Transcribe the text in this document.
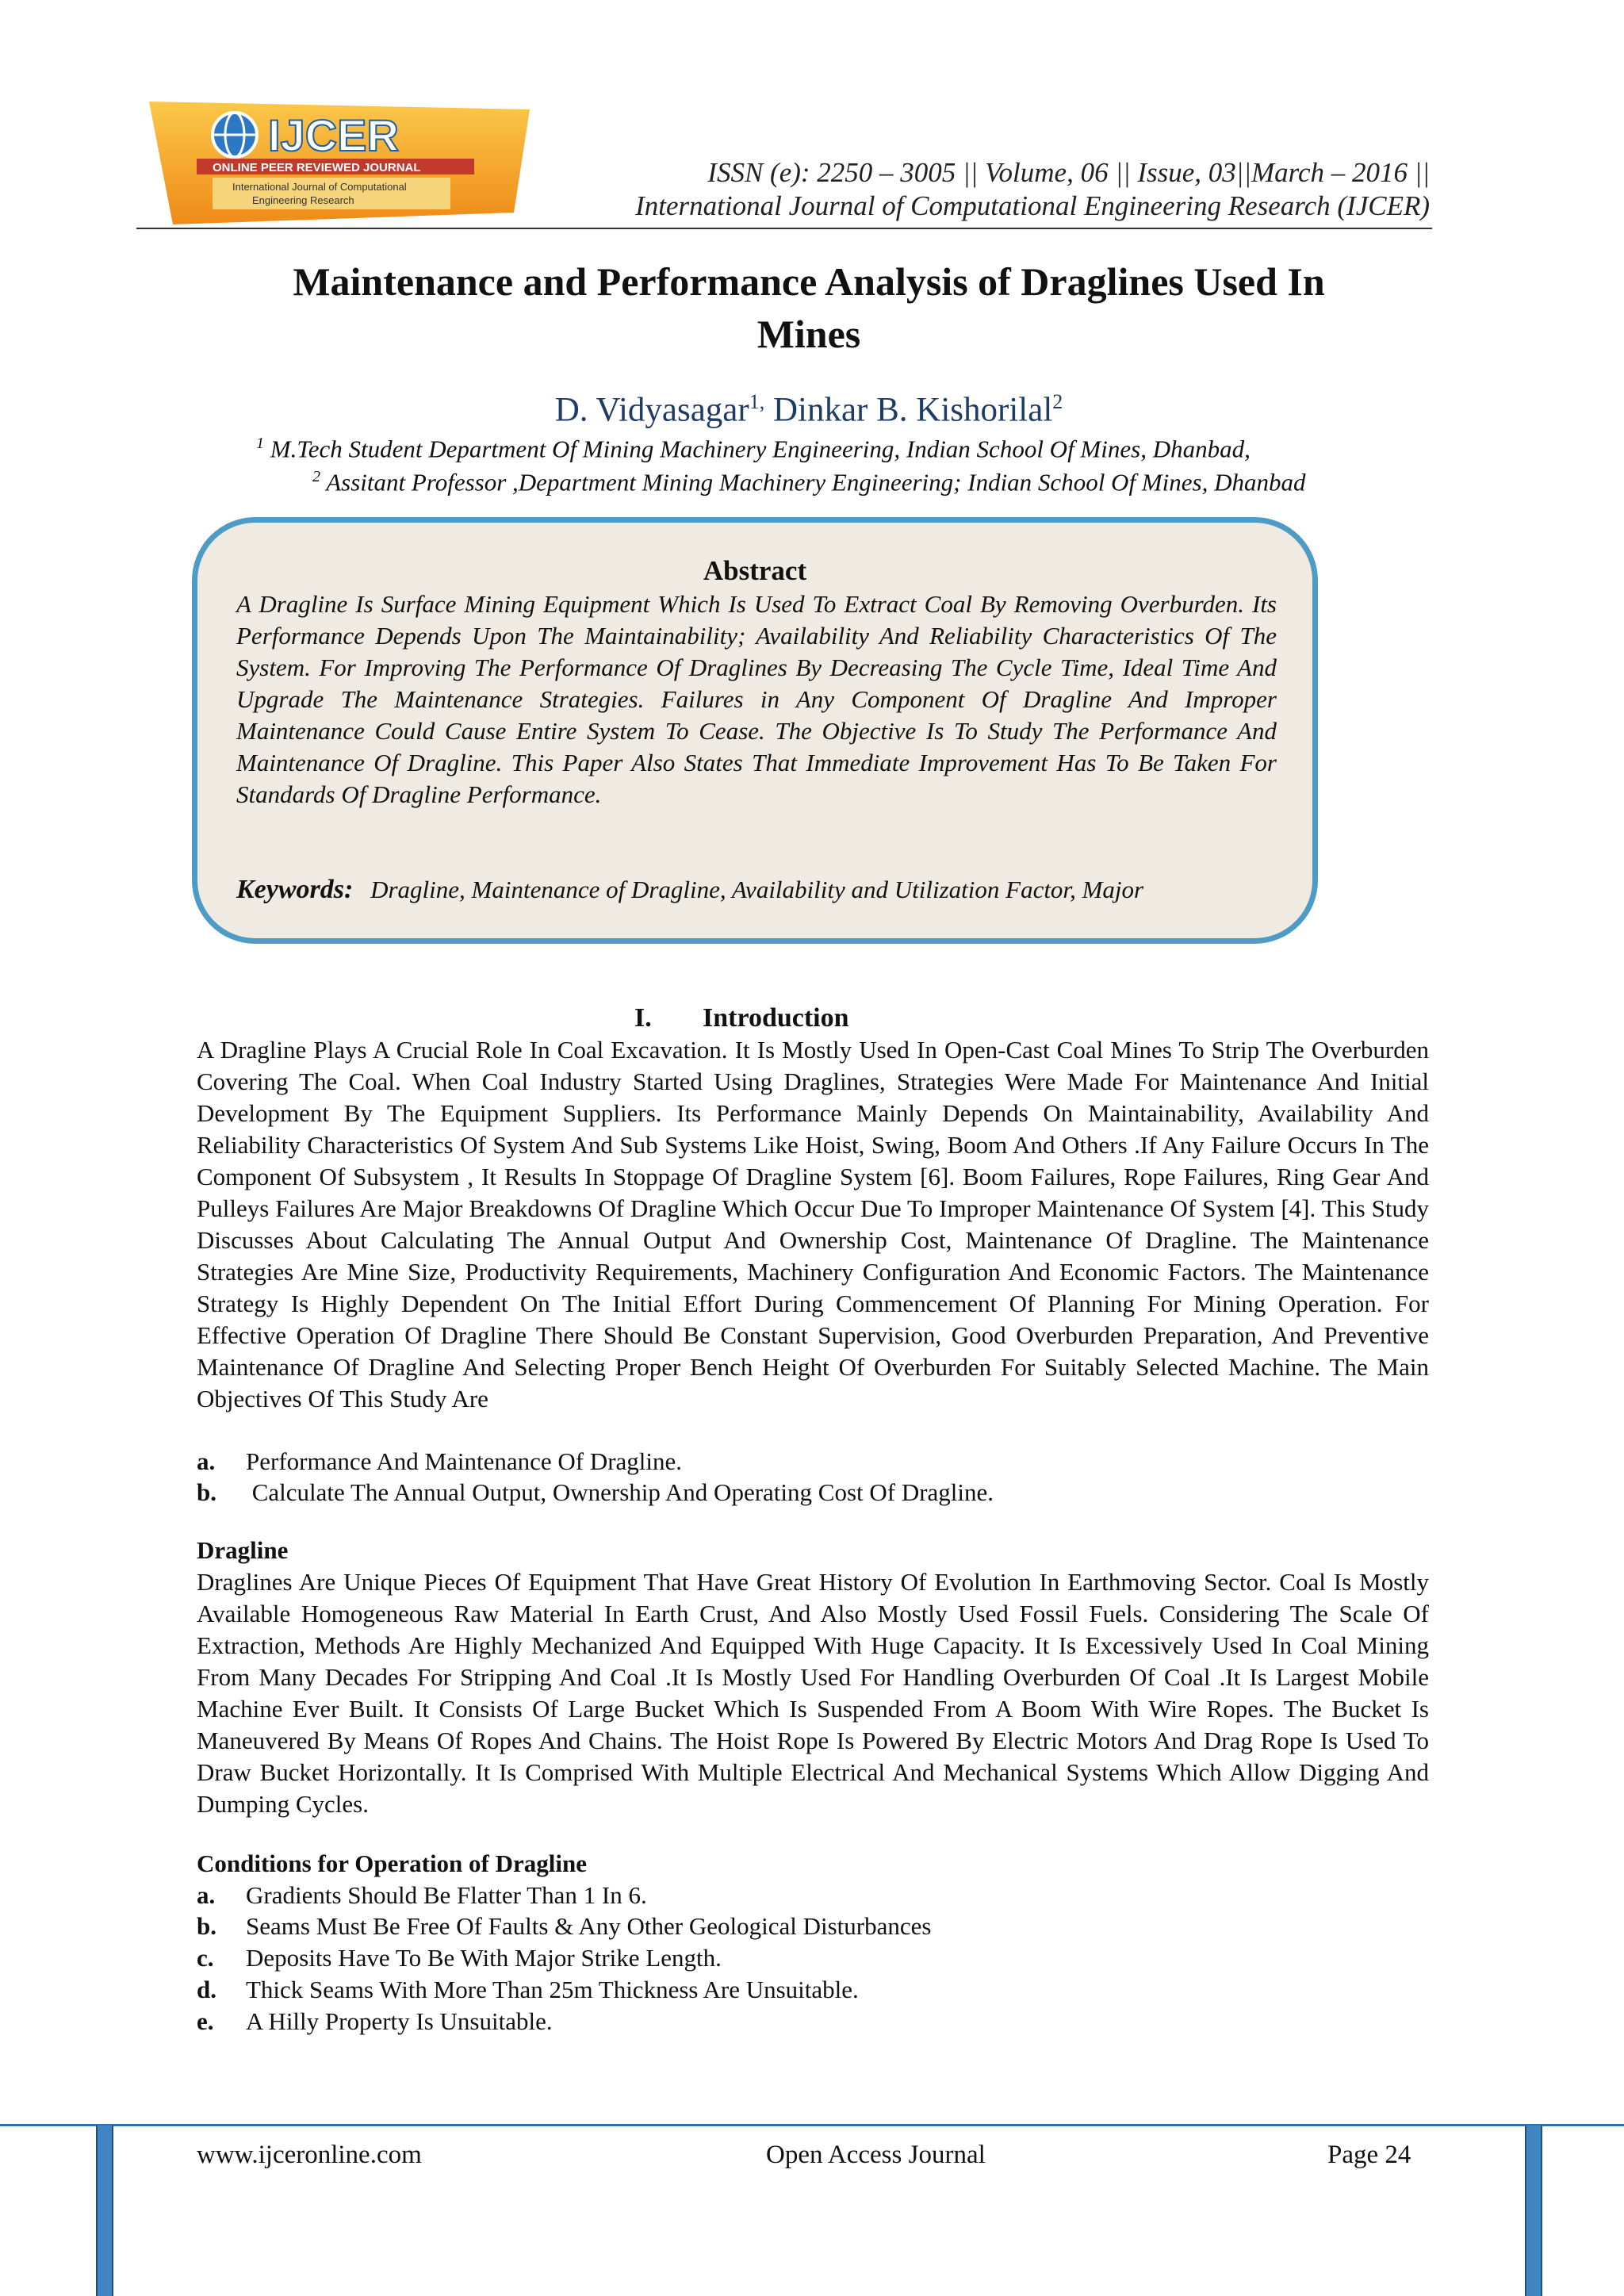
IJCER
ONLINE PEER REVIEWED JOURNAL
International Journal of Computational
Engineering Research
ISSN (e): 2250 – 3005 || Volume, 06 || Issue, 03||March – 2016 ||
International Journal of Computational Engineering Research (IJCER)
Maintenance and Performance Analysis of Draglines Used In
Mines
D. Vidyasagar$^{1,}$ Dinkar B. Kishorilal$^2$
$^1$ M.Tech Student Department Of Mining Machinery Engineering, Indian School Of Mines, Dhanbad,
$^2$ Assitant Professor ,Department Mining Machinery Engineering; Indian School Of Mines, Dhanbad
Abstract
A Dragline Is Surface Mining Equipment Which Is Used To Extract Coal By Removing Overburden. Its Performance Depends Upon The Maintainability; Availability And Reliability Characteristics Of The System. For Improving The Performance Of Draglines By Decreasing The Cycle Time, Ideal Time And Upgrade The Maintenance Strategies. Failures in Any Component Of Dragline And Improper Maintenance Could Cause Entire System To Cease. The Objective Is To Study The Performance And Maintenance Of Dragline. This Paper Also States That Immediate Improvement Has To Be Taken For Standards Of Dragline Performance.
Keywords: Dragline, Maintenance of Dragline, Availability and Utilization Factor, Major
I. Introduction
A Dragline Plays A Crucial Role In Coal Excavation. It Is Mostly Used In Open-Cast Coal Mines To Strip The Overburden Covering The Coal. When Coal Industry Started Using Draglines, Strategies Were Made For Maintenance And Initial Development By The Equipment Suppliers. Its Performance Mainly Depends On Maintainability, Availability And Reliability Characteristics Of System And Sub Systems Like Hoist, Swing, Boom And Others .If Any Failure Occurs In The Component Of Subsystem , It Results In Stoppage Of Dragline System [6]. Boom Failures, Rope Failures, Ring Gear And Pulleys Failures Are Major Breakdowns Of Dragline Which Occur Due To Improper Maintenance Of System [4]. This Study Discusses About Calculating The Annual Output And Ownership Cost, Maintenance Of Dragline. The Maintenance Strategies Are Mine Size, Productivity Requirements, Machinery Configuration And Economic Factors. The Maintenance Strategy Is Highly Dependent On The Initial Effort During Commencement Of Planning For Mining Operation. For Effective Operation Of Dragline There Should Be Constant Supervision, Good Overburden Preparation, And Preventive Maintenance Of Dragline And Selecting Proper Bench Height Of Overburden For Suitably Selected Machine. The Main Objectives Of This Study Are
a. Performance And Maintenance Of Dragline.
b. Calculate The Annual Output, Ownership And Operating Cost Of Dragline.
Dragline
Draglines Are Unique Pieces Of Equipment That Have Great History Of Evolution In Earthmoving Sector. Coal Is Mostly Available Homogeneous Raw Material In Earth Crust, And Also Mostly Used Fossil Fuels. Considering The Scale Of Extraction, Methods Are Highly Mechanized And Equipped With Huge Capacity. It Is Excessively Used In Coal Mining From Many Decades For Stripping And Coal .It Is Mostly Used For Handling Overburden Of Coal .It Is Largest Mobile Machine Ever Built. It Consists Of Large Bucket Which Is Suspended From A Boom With Wire Ropes. The Bucket Is Maneuvered By Means Of Ropes And Chains. The Hoist Rope Is Powered By Electric Motors And Drag Rope Is Used To Draw Bucket Horizontally. It Is Comprised With Multiple Electrical And Mechanical Systems Which Allow Digging And Dumping Cycles.
Conditions for Operation of Dragline
a. Gradients Should Be Flatter Than 1 In 6.
b. Seams Must Be Free Of Faults & Any Other Geological Disturbances
c. Deposits Have To Be With Major Strike Length.
d. Thick Seams With More Than 25m Thickness Are Unsuitable.
e. A Hilly Property Is Unsuitable.
www.ijceronline.com	Open Access Journal	Page 24
